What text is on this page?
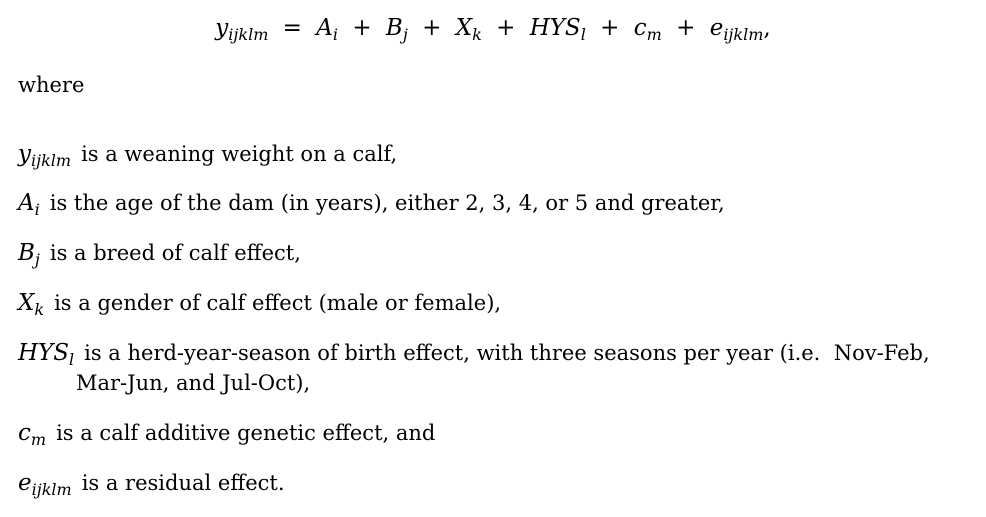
$y_{ijklm} = A_i + B_j + X_k + HYS_l + c_m + e_{ijklm}$,
where
$y_{ijklm}$ is a weaning weight on a calf,
$A_i$ is the age of the dam (in years), either 2, 3, 4, or 5 and greater,
$B_j$ is a breed of calf effect,
$X_k$ is a gender of calf effect (male or female),
$HYS_l$ is a herd-year-season of birth effect, with three seasons per year (i.e.  Nov-Feb,
Mar-Jun, and Jul-Oct),
$c_m$ is a calf additive genetic effect, and
$e_{ijklm}$ is a residual effect.
